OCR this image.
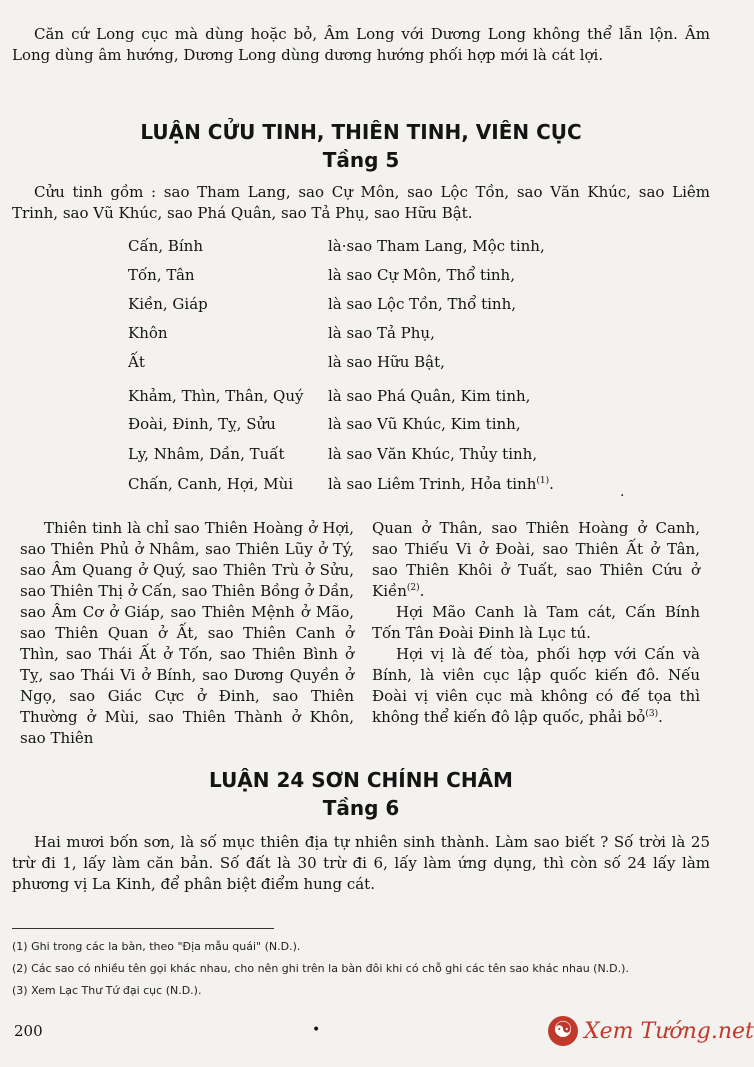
Căn cứ Long cục mà dùng hoặc bỏ, Âm Long với Dương Long không thể lẫn lộn. Âm Long dùng âm hướng, Dương Long dùng dương hướng phối hợp mới là cát lợi.

LUẬN CỬU TINH, THIÊN TINH, VIÊN CỤC
Tầng 5

Cửu tinh gồm : sao Tham Lang, sao Cự Môn, sao Lộc Tồn, sao Văn Khúc, sao Liêm Trinh, sao Vũ Khúc, sao Phá Quân, sao Tả Phụ, sao Hữu Bật.

Cấn, Bính	là·sao Tham Lang, Mộc tinh,
Tốn, Tân	là sao Cự Môn, Thổ tinh,
Kiền, Giáp	là sao Lộc Tồn, Thổ tinh,
Khôn	là sao Tả Phụ,
Ất	là sao Hữu Bật,
Khảm, Thìn, Thân, Quý	là sao Phá Quân, Kim tinh,
Đoài, Đinh, Tỵ, Sửu	là sao Vũ Khúc, Kim tinh,
Ly, Nhâm, Dần, Tuất	là sao Văn Khúc, Thủy tinh,
Chấn, Canh, Hợi, Mùi	là sao Liêm Trinh, Hỏa tinh$^{(1)}$.
·

Thiên tinh là chỉ sao Thiên Hoàng ở Hợi, sao Thiên Phủ ở Nhâm, sao Thiên Lũy ở Tý, sao Âm Quang ở Quý, sao Thiên Trù ở Sửu, sao Thiên Thị ở Cấn, sao Thiên Bồng ở Dần, sao Âm Cơ ở Giáp, sao Thiên Mệnh ở Mão, sao Thiên Quan ở Ất, sao Thiên Canh ở Thìn, sao Thái Ất ở Tốn, sao Thiên Bình ở Tỵ, sao Thái Vi ở Bính, sao Dương Quyền ở Ngọ, sao Giác Cực ở Đinh, sao Thiên Thường ở Mùi, sao Thiên Thành ở Khôn, sao Thiên

Quan ở Thân, sao Thiên Hoàng ở Canh, sao Thiếu Vi ở Đoài, sao Thiên Ất ở Tân, sao Thiên Khôi ở Tuất, sao Thiên Cứu ở Kiền$^{(2)}$.

Hợi Mão Canh là Tam cát, Cấn Bính Tốn Tân Đoài Đinh là Lục tú.

Hợi vị là đế tòa, phối hợp với Cấn và Bính, là viên cục lập quốc kiến đô. Nếu Đoài vị viên cục mà không có đế tọa thì không thể kiến đô lập quốc, phải bỏ$^{(3)}$.

LUẬN 24 SƠN CHÍNH CHÂM
Tầng 6

Hai mươi bốn sơn, là số mục thiên địa tự nhiên sinh thành. Làm sao biết ? Số trời là 25 trừ đi 1, lấy làm căn bản. Số đất là 30 trừ đi 6, lấy làm ứng dụng, thì còn số 24 lấy làm phương vị La Kinh, để phân biệt điểm hung cát.

(1) Ghi trong các la bàn, theo "Địa mẫu quái" (N.D.).
(2) Các sao có nhiều tên gọi khác nhau, cho nên ghi trên la bàn đôi khi có chỗ ghi các tên sao khác nhau (N.D.).
(3) Xem Lạc Thư Tứ đại cục (N.D.).
200	•	☯ Xem Tướng.net
